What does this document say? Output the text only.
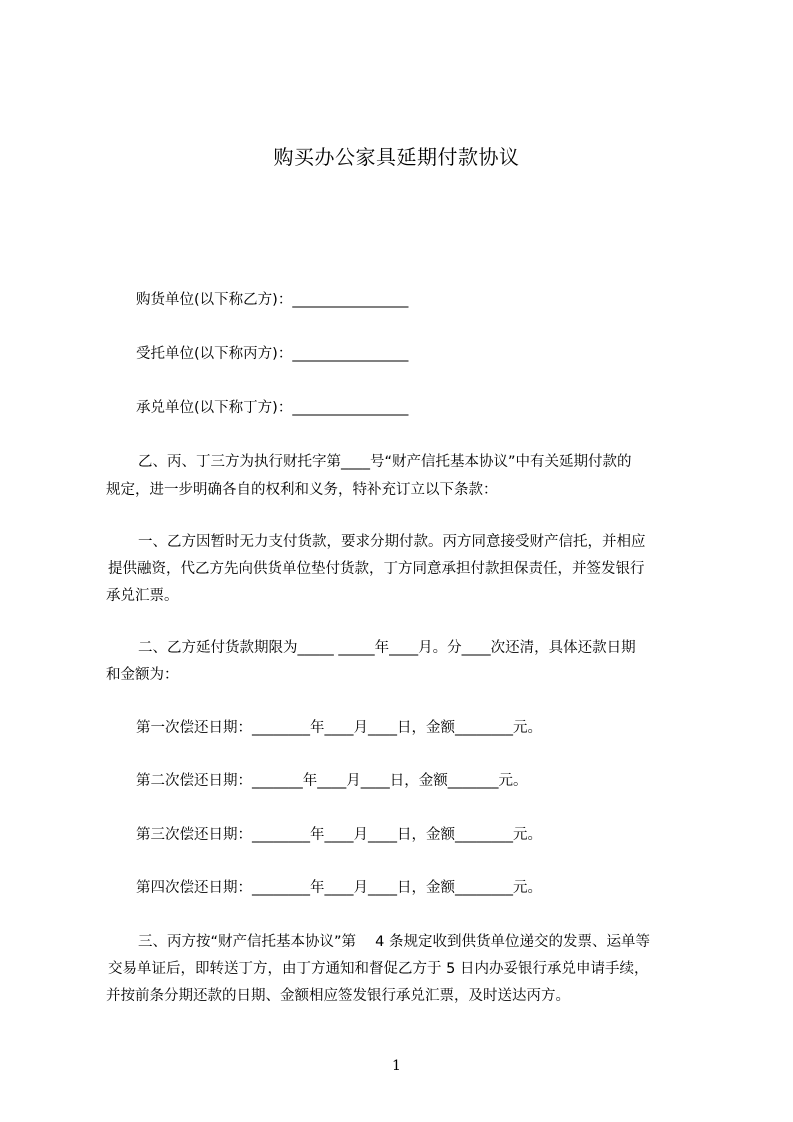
购买办公家具延期付款协议
购货单位(以下称乙方)：________________
受托单位(以下称丙方)：________________
承兑单位(以下称丁方)：________________
乙、丙、丁三方为执行财托字第____号“财产信托基本协议”中有关延期付款的
规定，进一步明确各自的权利和义务，特补充订立以下条款：
一、乙方因暂时无力支付货款，要求分期付款。丙方同意接受财产信托，并相应
提供融资，代乙方先向供货单位垫付货款，丁方同意承担付款担保责任，并签发银行
承兑汇票。
二、乙方延付货款期限为_____ _____年____月。分____次还清，具体还款日期
和金额为：
第一次偿还日期：________年____月____日，金额________元。
第二次偿还日期：_______年____月____日，金额_______元。
第三次偿还日期：________年____月____日，金额________元。
第四次偿还日期：________年____月____日，金额________元。
三、丙方按“财产信托基本协议”第　 4 条规定收到供货单位递交的发票、运单等
交易单证后，即转送丁方，由丁方通知和督促乙方于 5 日内办妥银行承兑申请手续，
并按前条分期还款的日期、金额相应签发银行承兑汇票，及时送达丙方。
1
